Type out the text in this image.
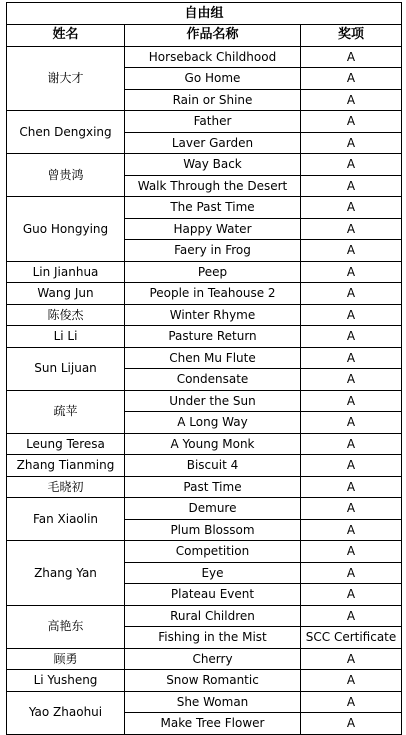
自由组		
姓名	作品名称	奖项
谢大才	Horseback Childhood	A
	Go Home	A
	Rain or Shine	A
Chen Dengxing	Father	A
	Laver Garden	A
曾贵鸿	Way Back	A
	Walk Through the Desert	A
Guo Hongying	The Past Time	A
	Happy Water	A
	Faery in Frog	A
Lin Jianhua	Peep	A
Wang Jun	People in Teahouse 2	A
陈俊杰	Winter Rhyme	A
Li Li	Pasture Return	A
Sun Lijuan	Chen Mu Flute	A
	Condensate	A
疏苹	Under the Sun	A
	A Long Way	A
Leung Teresa	A Young Monk	A
Zhang Tianming	Biscuit 4	A
毛晓初	Past Time	A
Fan Xiaolin	Demure	A
	Plum Blossom	A
Zhang Yan	Competition	A
	Eye	A
	Plateau Event	A
高艳东	Rural Children	A
	Fishing in the Mist	SCC Certificate
顾勇	Cherry	A
Li Yusheng	Snow Romantic	A
Yao Zhaohui	She Woman	A
	Make Tree Flower	A
